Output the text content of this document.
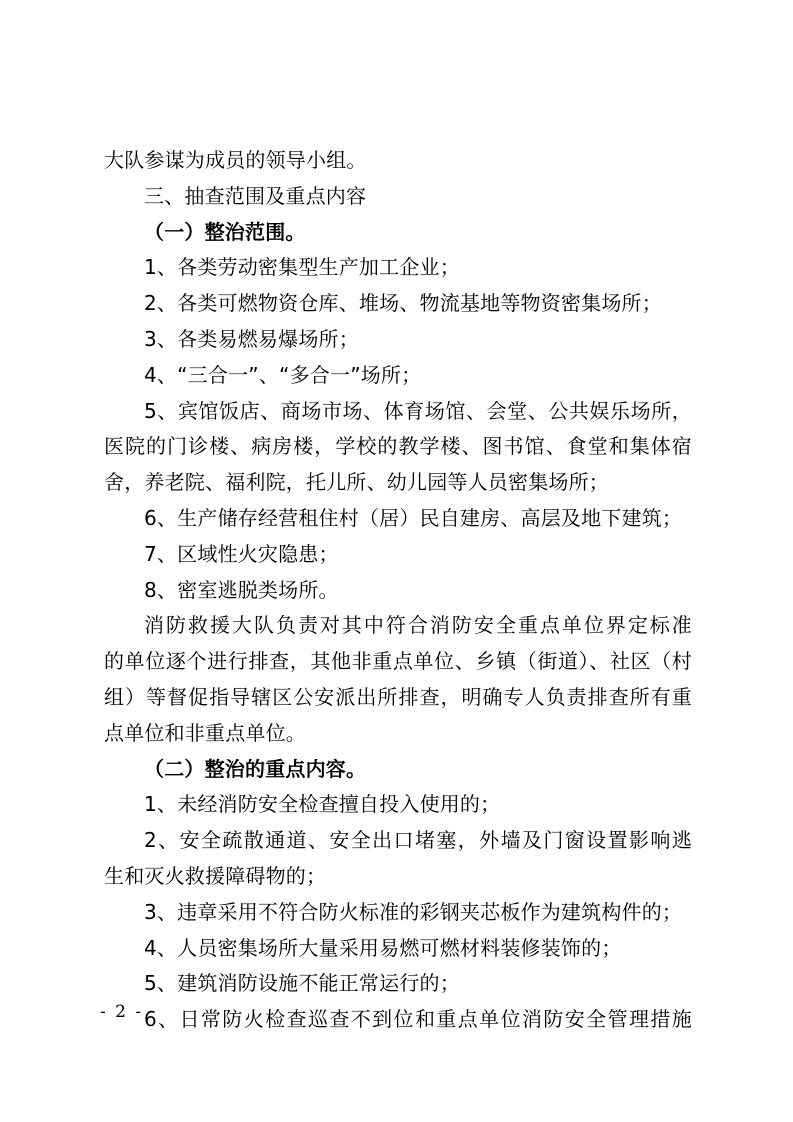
大队参谋为成员的领导小组。
三、抽查范围及重点内容
（一）整治范围。
1、各类劳动密集型生产加工企业；
2、各类可燃物资仓库、堆场、物流基地等物资密集场所；
3、各类易燃易爆场所；
4、“三合一”、“多合一”场所；
5、宾馆饭店、商场市场、体育场馆、会堂、公共娱乐场所，
医院的门诊楼、病房楼，学校的教学楼、图书馆、食堂和集体宿
舍，养老院、福利院，托儿所、幼儿园等人员密集场所；
6、生产储存经营租住村（居）民自建房、高层及地下建筑；
7、区域性火灾隐患；
8、密室逃脱类场所。
消防救援大队负责对其中符合消防安全重点单位界定标准
的单位逐个进行排查，其他非重点单位、乡镇（街道）、社区（村
组）等督促指导辖区公安派出所排查，明确专人负责排查所有重
点单位和非重点单位。
（二）整治的重点内容。
1、未经消防安全检查擅自投入使用的；
2、安全疏散通道、安全出口堵塞，外墙及门窗设置影响逃
生和灭火救援障碍物的；
3、违章采用不符合防火标准的彩钢夹芯板作为建筑构件的；
4、人员密集场所大量采用易燃可燃材料装修装饰的；
5、建筑消防设施不能正常运行的；
6、日常防火检查巡查不到位和重点单位消防安全管理措施
- 2 -
